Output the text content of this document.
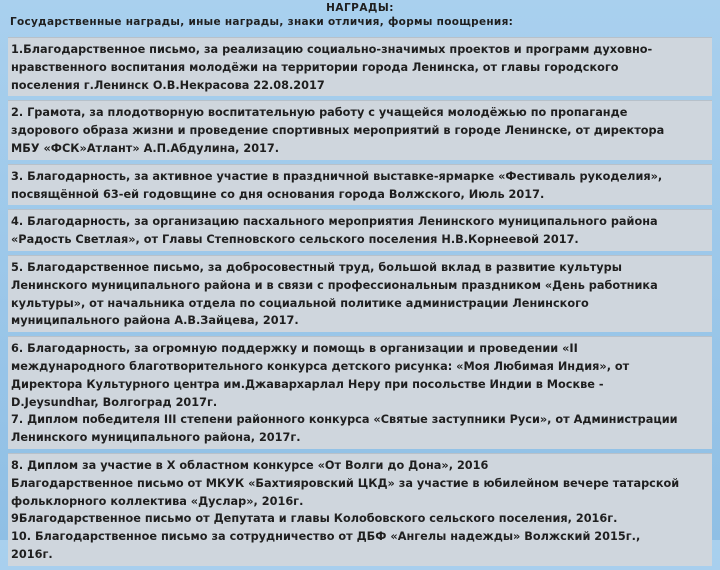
НАГРАДЫ:
Государственные награды, иные награды, знаки отличия, формы поощрения:
1.Благодарственное письмо, за реализацию социально-значимых проектов и программ духовно-
нравственного воспитания молодёжи на территории города Ленинска, от главы городского
поселения г.Ленинск О.В.Некрасова 22.08.2017
2. Грамота, за плодотворную воспитательную работу с учащейся молодёжью по пропаганде
здорового образа жизни и проведение спортивных мероприятий в городе Ленинске, от директора
МБУ «ФСК»Атлант» А.П.Абдулина, 2017.
3. Благодарность, за активное участие в праздничной выставке-ярмарке «Фестиваль рукоделия»,
посвящённой 63-ей годовщине со дня основания города Волжского, Июль 2017.
4. Благодарность, за организацию пасхального мероприятия Ленинского муниципального района
«Радость Светлая», от Главы Степновского сельского поселения Н.В.Корнеевой 2017.
5. Благодарственное письмо, за добросовестный труд, большой вклад в развитие культуры
Ленинского муниципального района и в связи с профессиональным праздником «День работника
культуры», от начальника отдела по социальной политике администрации Ленинского
муниципального района А.В.Зайцева, 2017.
6. Благодарность, за огромную поддержку и помощь в организации и проведении «II
международного благотворительного конкурса детского рисунка: «Моя Любимая Индия», от
Директора Культурного центра им.Джавархарлал Неру при посольстве Индии в Москве -
D.Jeysundhar, Волгоград 2017г.
7. Диплом победителя III степени районного конкурса «Святые заступники Руси», от Администрации
Ленинского муниципального района, 2017г.
8. Диплом за участие в X областном конкурсе «От Волги до Дона», 2016
Благодарственное письмо от МКУК «Бахтияровский ЦКД» за участие в юбилейном вечере татарской
фольклорного коллектива «Дуслар», 2016г.
9Благодарственное письмо от Депутата и главы Колобовского сельского поселения, 2016г.
10. Благодарственное письмо за сотрудничество от ДБФ «Ангелы надежды» Волжский 2015г.,
2016г.
